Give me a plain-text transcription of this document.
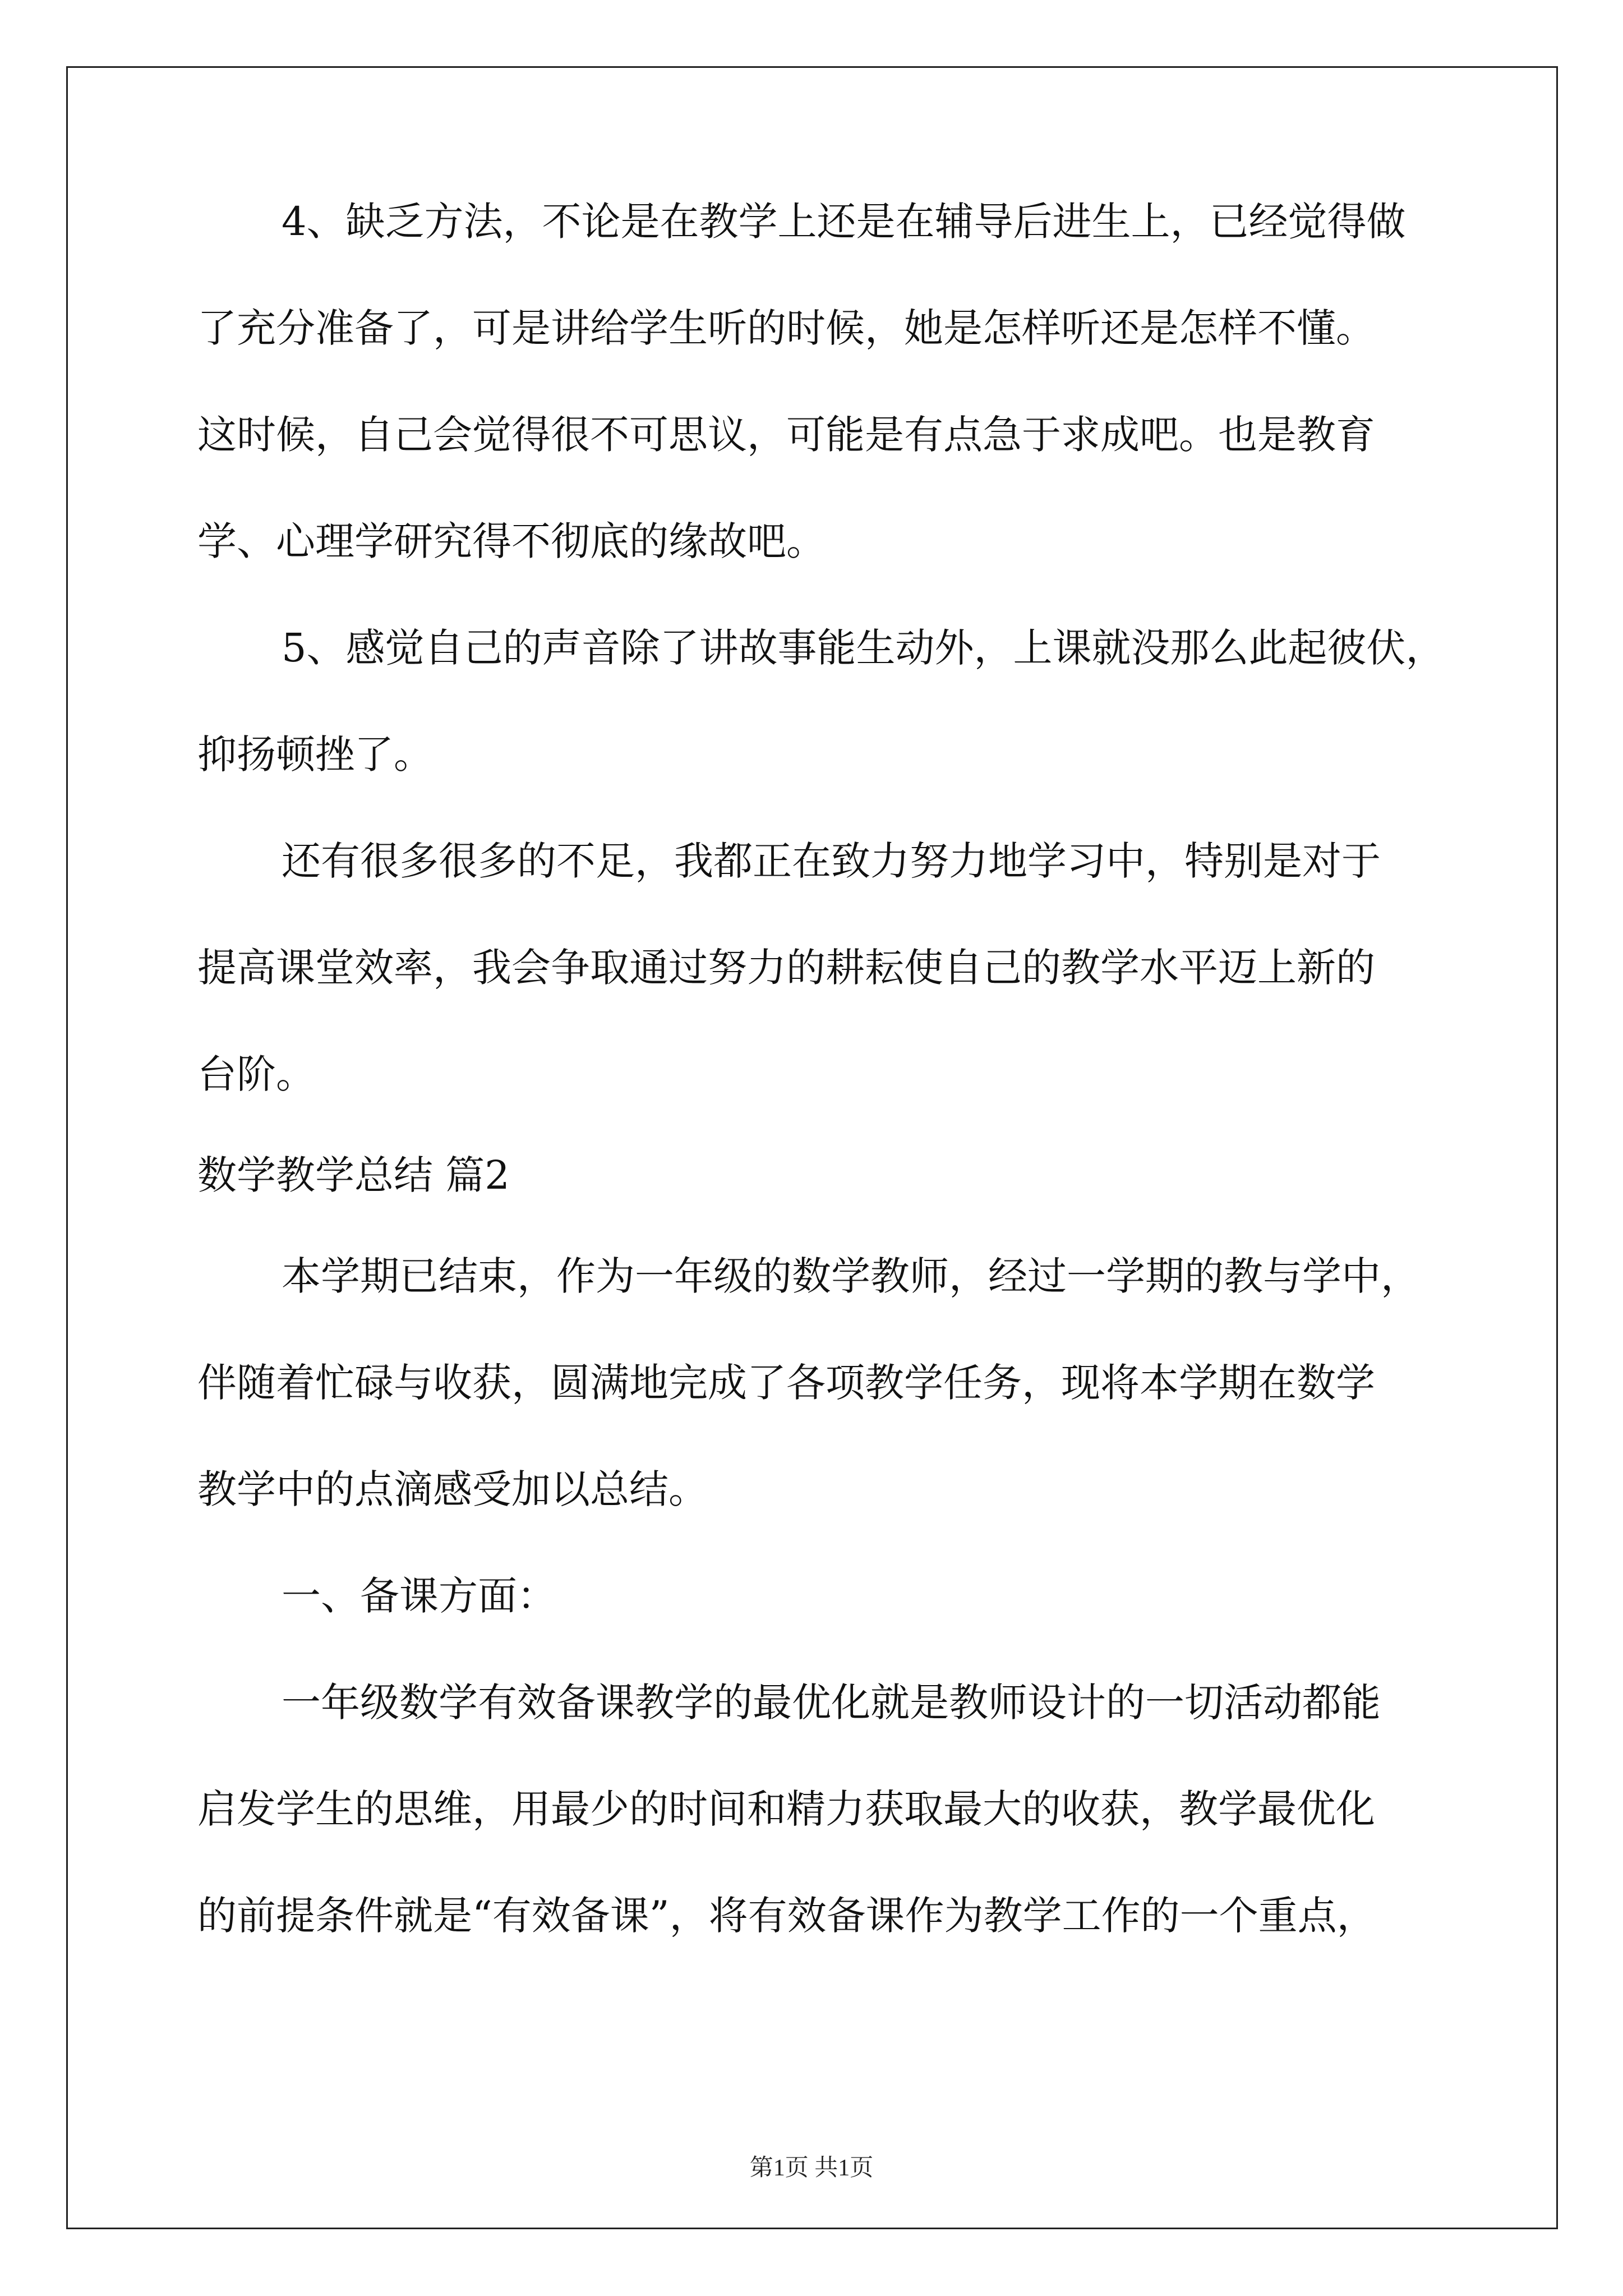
4、缺乏方法，不论是在教学上还是在辅导后进生上，已经觉得做
了充分准备了，可是讲给学生听的时候，她是怎样听还是怎样不懂。
这时候，自己会觉得很不可思议，可能是有点急于求成吧。也是教育
学、心理学研究得不彻底的缘故吧。
5、感觉自己的声音除了讲故事能生动外，上课就没那么此起彼伏，
抑扬顿挫了。
还有很多很多的不足，我都正在致力努力地学习中，特别是对于
提高课堂效率，我会争取通过努力的耕耘使自己的教学水平迈上新的
台阶。
数学教学总结 篇2
本学期已结束，作为一年级的数学教师，经过一学期的教与学中，
伴随着忙碌与收获，圆满地完成了各项教学任务，现将本学期在数学
教学中的点滴感受加以总结。
一、备课方面：
一年级数学有效备课教学的最优化就是教师设计的一切活动都能
启发学生的思维，用最少的时间和精力获取最大的收获，教学最优化
的前提条件就是“有效备课”，将有效备课作为教学工作的一个重点，
第1页 共1页
